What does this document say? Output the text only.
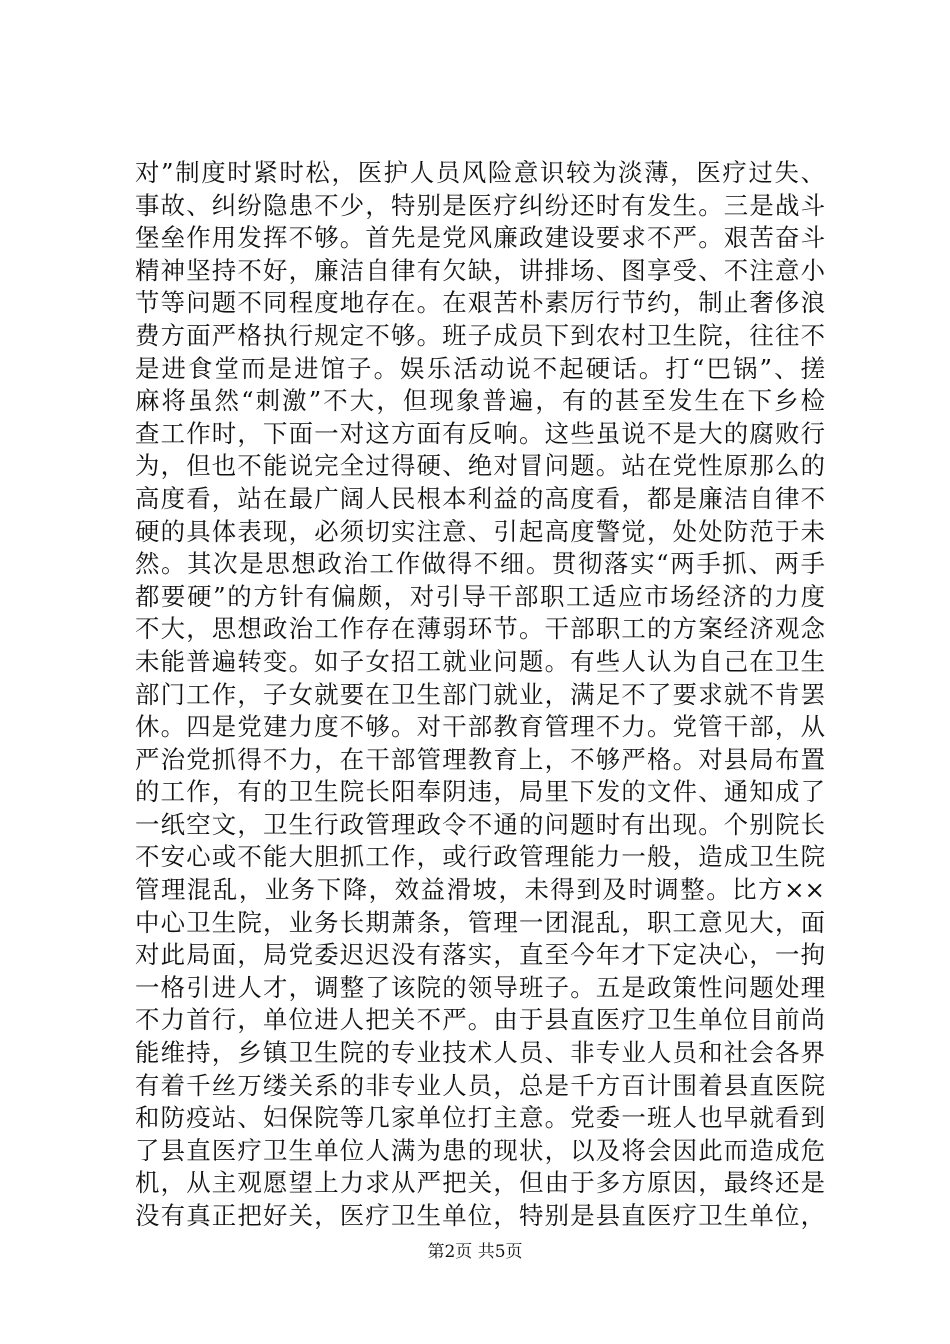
对”制度时紧时松，医护人员风险意识较为淡薄，医疗过失、
事故、纠纷隐患不少，特别是医疗纠纷还时有发生。三是战斗
堡垒作用发挥不够。首先是党风廉政建设要求不严。艰苦奋斗
精神坚持不好，廉洁自律有欠缺，讲排场、图享受、不注意小
节等问题不同程度地存在。在艰苦朴素厉行节约，制止奢侈浪
费方面严格执行规定不够。班子成员下到农村卫生院，往往不
是进食堂而是进馆子。娱乐活动说不起硬话。打“巴锅”、搓
麻将虽然“刺激”不大，但现象普遍，有的甚至发生在下乡检
查工作时，下面一对这方面有反响。这些虽说不是大的腐败行
为，但也不能说完全过得硬、绝对冒问题。站在党性原那么的
高度看，站在最广阔人民根本利益的高度看，都是廉洁自律不
硬的具体表现，必须切实注意、引起高度警觉，处处防范于未
然。其次是思想政治工作做得不细。贯彻落实“两手抓、两手
都要硬”的方针有偏颇，对引导干部职工适应市场经济的力度
不大，思想政治工作存在薄弱环节。干部职工的方案经济观念
未能普遍转变。如子女招工就业问题。有些人认为自己在卫生
部门工作，子女就要在卫生部门就业，满足不了要求就不肯罢
休。四是党建力度不够。对干部教育管理不力。党管干部，从
严治党抓得不力，在干部管理教育上，不够严格。对县局布置
的工作，有的卫生院长阳奉阴违，局里下发的文件、通知成了
一纸空文，卫生行政管理政令不通的问题时有出现。个别院长
不安心或不能大胆抓工作，或行政管理能力一般，造成卫生院
管理混乱，业务下降，效益滑坡，未得到及时调整。比方××
中心卫生院，业务长期萧条，管理一团混乱，职工意见大，面
对此局面，局党委迟迟没有落实，直至今年才下定决心，一拘
一格引进人才，调整了该院的领导班子。五是政策性问题处理
不力首行，单位进人把关不严。由于县直医疗卫生单位目前尚
能维持，乡镇卫生院的专业技术人员、非专业人员和社会各界
有着千丝万缕关系的非专业人员，总是千方百计围着县直医院
和防疫站、妇保院等几家单位打主意。党委一班人也早就看到
了县直医疗卫生单位人满为患的现状，以及将会因此而造成危
机，从主观愿望上力求从严把关，但由于多方原因，最终还是
没有真正把好关，医疗卫生单位，特别是县直医疗卫生单位，
第2页 共5页
